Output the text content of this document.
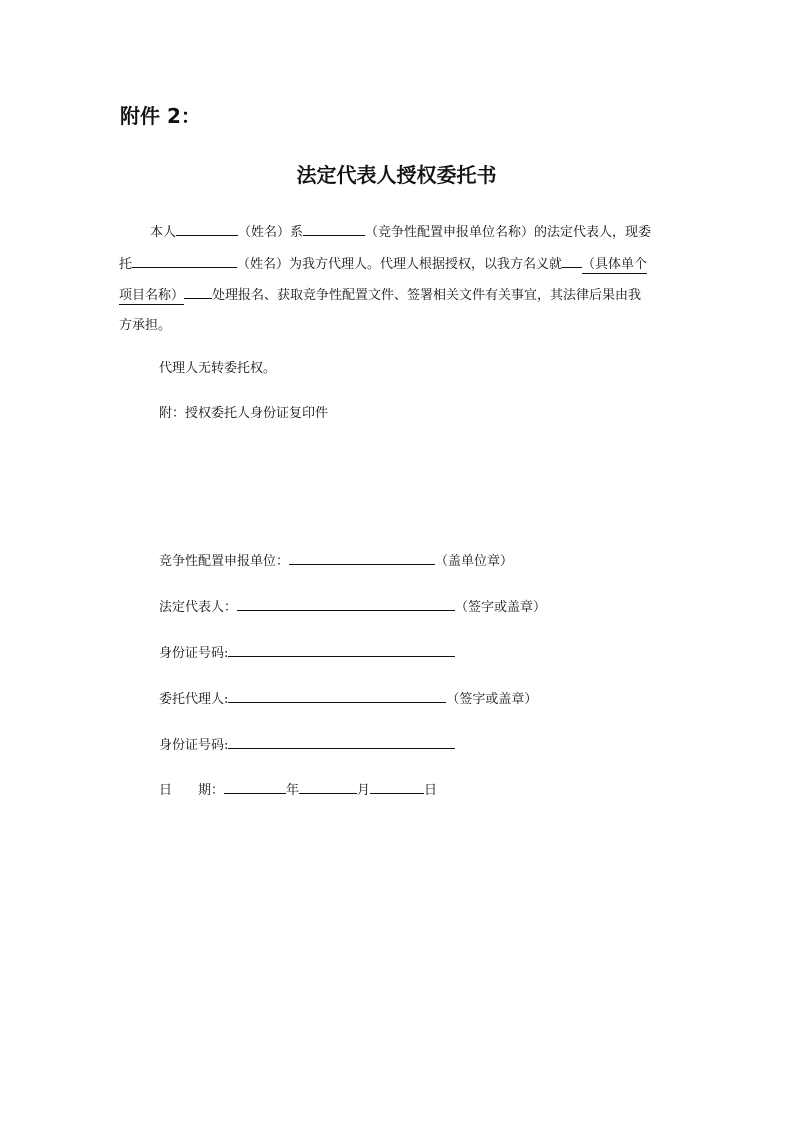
附件 2：
法定代表人授权委托书
本人	（姓名）系	（竞争性配置申报单位名称）的法定代表人，现委
托	（姓名）为我方代理人。代理人根据授权，以我方名义就 （具体单个
项目名称） 处理报名、获取竞争性配置文件、签署相关文件有关事宜，其法律后果由我
方承担。
代理人无转委托权。
附：授权委托人身份证复印件
竞争性配置申报单位：	（盖单位章）
法定代表人：	（签字或盖章）
身份证号码:
委托代理人:	（签字或盖章）
身份证号码:
日　　期：	年	月	日
